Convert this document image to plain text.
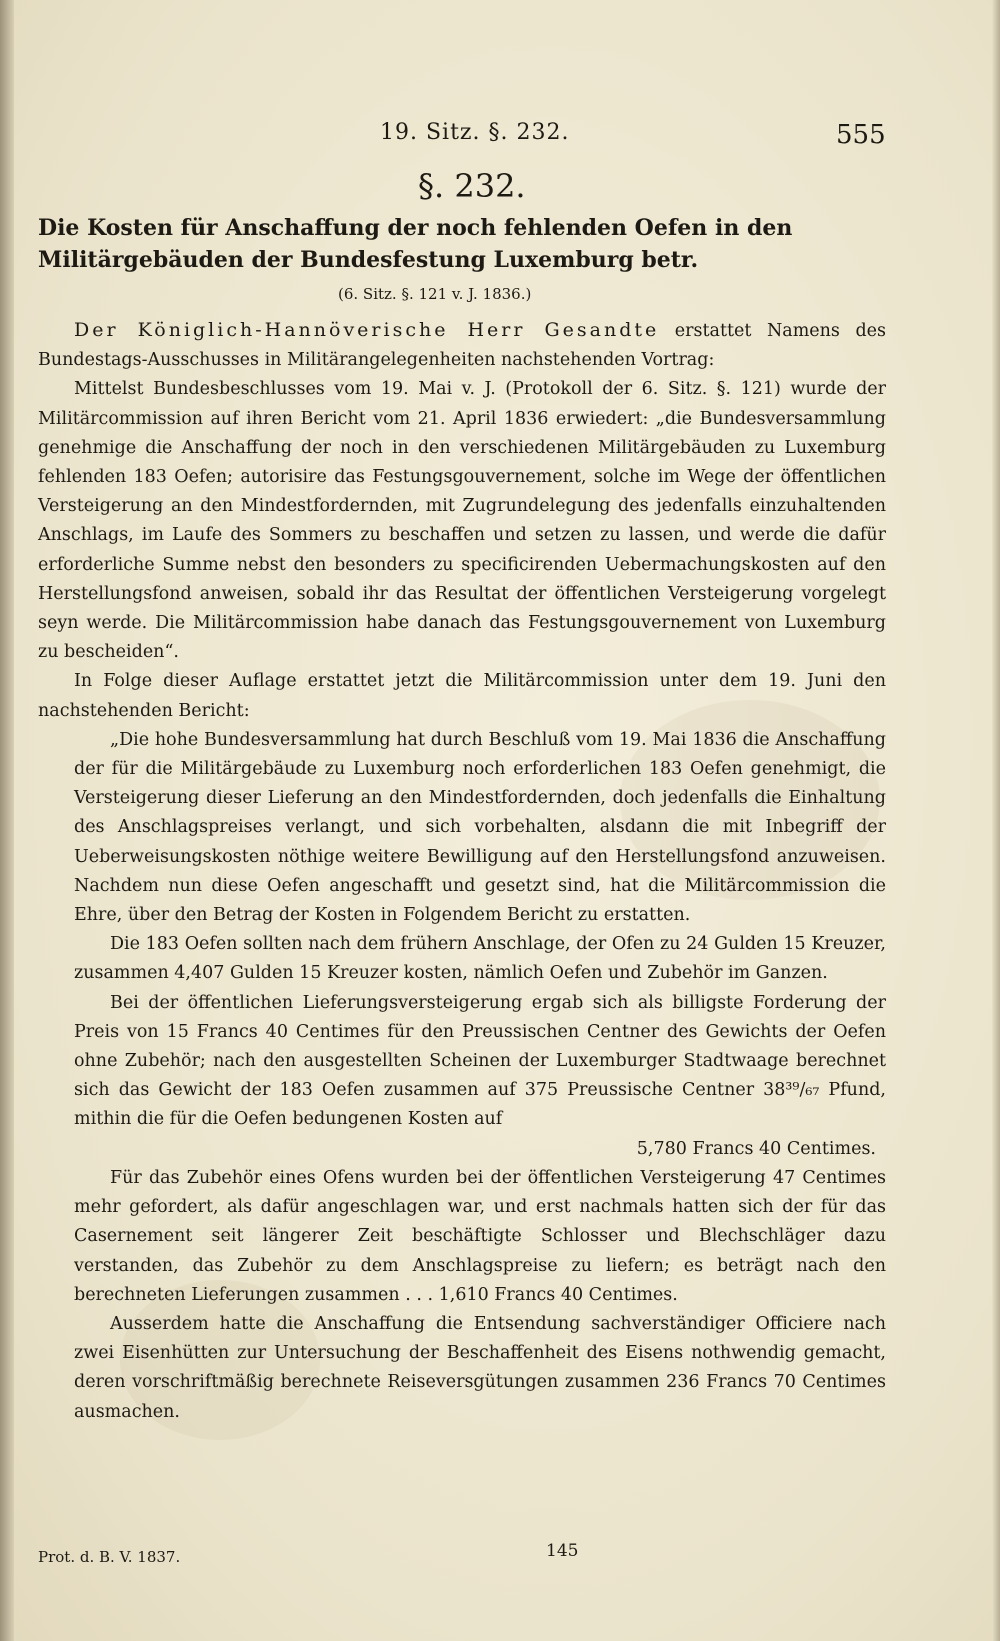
19. Sitz. §. 232.	555
§. 232.
Die Kosten für Anschaffung der noch fehlenden Oefen in den Militärgebäuden der Bundesfestung Luxemburg betr.
(6. Sitz. §. 121 v. J. 1836.)

Der Königlich-Hannöverische Herr Gesandte erstattet Namens des Bundestags-Ausschusses in Militärangelegenheiten nachstehenden Vortrag:

Mittelst Bundesbeschlusses vom 19. Mai v. J. (Protokoll der 6. Sitz. §. 121) wurde der Militärcommission auf ihren Bericht vom 21. April 1836 erwiedert: „die Bundesversammlung genehmige die Anschaffung der noch in den verschiedenen Militärgebäuden zu Luxemburg fehlenden 183 Oefen; autorisire das Festungsgouvernement, solche im Wege der öffentlichen Versteigerung an den Mindestfordernden, mit Zugrundelegung des jedenfalls einzuhaltenden Anschlags, im Laufe des Sommers zu beschaffen und setzen zu lassen, und werde die dafür erforderliche Summe nebst den besonders zu specificirenden Uebermachungskosten auf den Herstellungsfond anweisen, sobald ihr das Resultat der öffentlichen Versteigerung vorgelegt seyn werde. Die Militärcommission habe danach das Festungsgouvernement von Luxemburg zu bescheiden“.

In Folge dieser Auflage erstattet jetzt die Militärcommission unter dem 19. Juni den nachstehenden Bericht:

„Die hohe Bundesversammlung hat durch Beschluß vom 19. Mai 1836 die Anschaffung der für die Militärgebäude zu Luxemburg noch erforderlichen 183 Oefen genehmigt, die Versteigerung dieser Lieferung an den Mindestfordernden, doch jedenfalls die Einhaltung des Anschlagspreises verlangt, und sich vorbehalten, alsdann die mit Inbegriff der Ueberweisungskosten nöthige weitere Bewilligung auf den Herstellungsfond anzuweisen. Nachdem nun diese Oefen angeschafft und gesetzt sind, hat die Militärcommission die Ehre, über den Betrag der Kosten in Folgendem Bericht zu erstatten.

Die 183 Oefen sollten nach dem frühern Anschlage, der Ofen zu 24 Gulden 15 Kreuzer, zusammen 4,407 Gulden 15 Kreuzer kosten, nämlich Oefen und Zubehör im Ganzen.

Bei der öffentlichen Lieferungsversteigerung ergab sich als billigste Forderung der Preis von 15 Francs 40 Centimes für den Preussischen Centner des Gewichts der Oefen ohne Zubehör; nach den ausgestellten Scheinen der Luxemburger Stadtwaage berechnet sich das Gewicht der 183 Oefen zusammen auf 375 Preussische Centner 38³⁹/₆₇ Pfund, mithin die für die Oefen bedungenen Kosten auf

5,780 Francs 40 Centimes.

Für das Zubehör eines Ofens wurden bei der öffentlichen Versteigerung 47 Centimes mehr gefordert, als dafür angeschlagen war, und erst nachmals hatten sich der für das Casernement seit längerer Zeit beschäftigte Schlosser und Blechschläger dazu verstanden, das Zubehör zu dem Anschlagspreise zu liefern; es beträgt nach den berechneten Lieferungen zusammen . . . 1,610 Francs 40 Centimes.

Ausserdem hatte die Anschaffung die Entsendung sachverständiger Officiere nach zwei Eisenhütten zur Untersuchung der Beschaffenheit des Eisens nothwendig gemacht, deren vorschriftmäßig berechnete Reiseversgütungen zusammen 236 Francs 70 Centimes ausmachen.

Prot. d. B. V. 1837.	145
